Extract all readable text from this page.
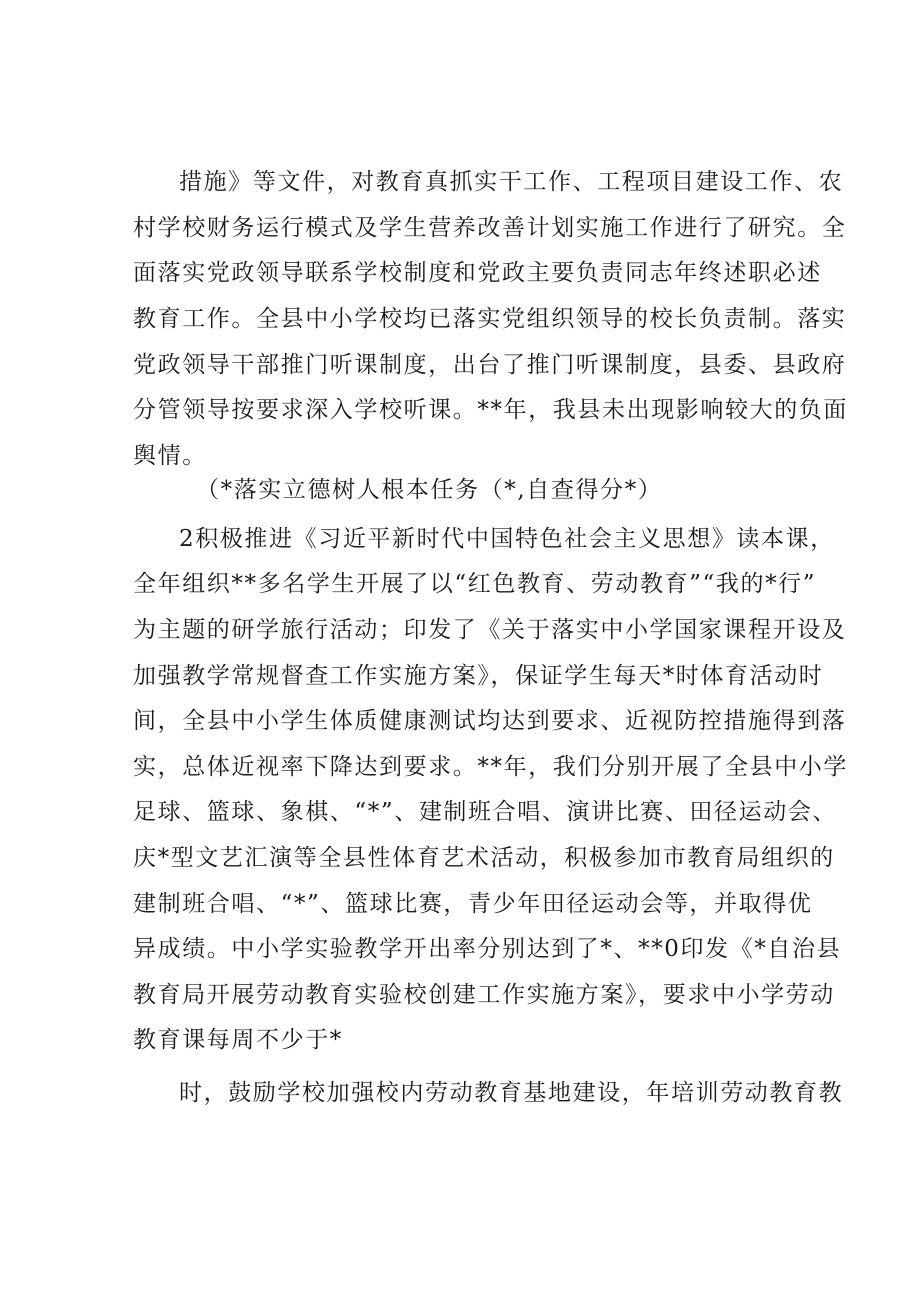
措施》等文件，对教育真抓实干工作、工程项目建设工作、农
村学校财务运行模式及学生营养改善计划实施工作进行了研究。全
面落实党政领导联系学校制度和党政主要负责同志年终述职必述
教育工作。全县中小学校均已落实党组织领导的校长负责制。落实
党政领导干部推门听课制度，出台了推门听课制度，县委、县政府
分管领导按要求深入学校听课。**年，我县未出现影响较大的负面
舆情。
（*落实立德树人根本任务（*,自查得分*）
2积极推进《习近平新时代中国特色社会主义思想》读本课，
全年组织**多名学生开展了以“红色教育、劳动教育”“我的*行”
为主题的研学旅行活动；印发了《关于落实中小学国家课程开设及
加强教学常规督查工作实施方案》，保证学生每天*时体育活动时
间，全县中小学生体质健康测试均达到要求、近视防控措施得到落
实，总体近视率下降达到要求。**年，我们分别开展了全县中小学
足球、篮球、象棋、“*”、建制班合唱、演讲比赛、田径运动会、
庆*型文艺汇演等全县性体育艺术活动，积极参加市教育局组织的
建制班合唱、“*”、篮球比赛，青少年田径运动会等，并取得优
异成绩。中小学实验教学开出率分别达到了*、**0印发《*自治县
教育局开展劳动教育实验校创建工作实施方案》，要求中小学劳动
教育课每周不少于*
时，鼓励学校加强校内劳动教育基地建设，年培训劳动教育教
